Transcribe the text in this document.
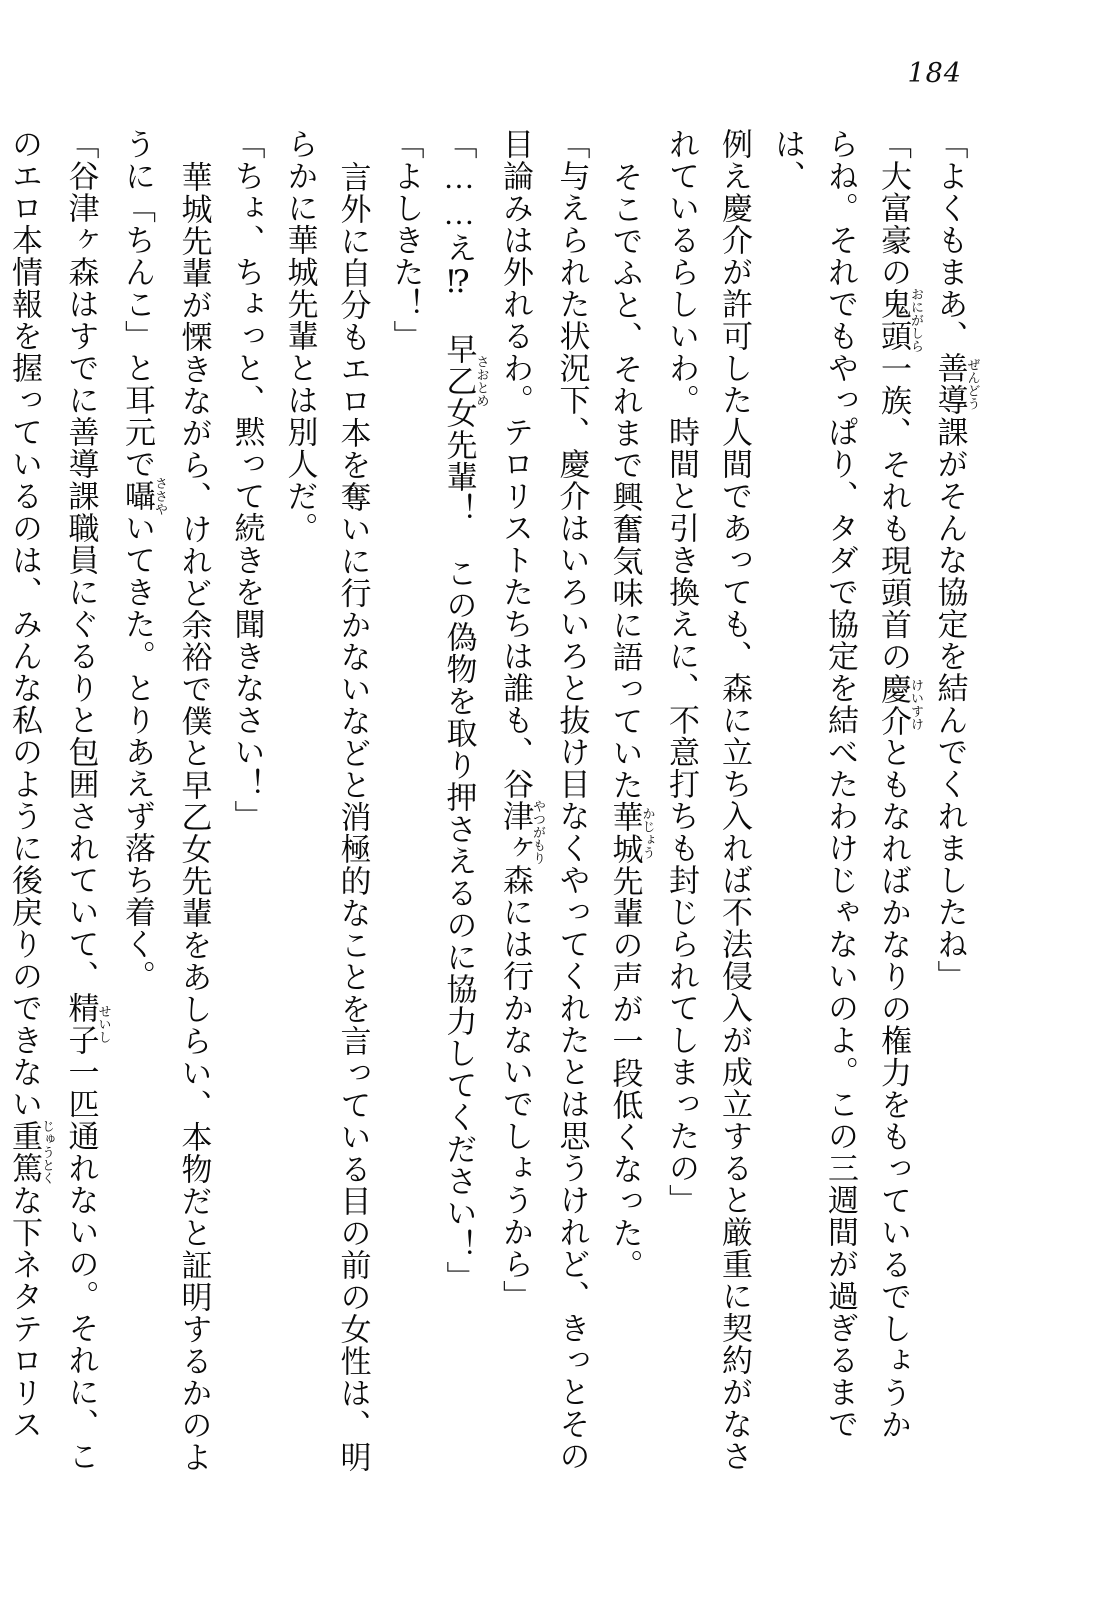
184
「よくもまあ、善導ぜんどう課がそんな協定を結んでくれましたね」
「大富豪の鬼頭おにがしら一族、それも現頭首の慶介けいすけともなればかなりの権力をもっているでしょうか
らね。それでもやっぱり、タダで協定を結べたわけじゃないのよ。この三週間が過ぎるまでは、
例え慶介が許可した人間であっても、森に立ち入れば不法侵入が成立すると厳重に契約がなさ
れているらしいわ。時間と引き換えに、不意打ちも封じられてしまったの」
そこでふと、それまで興奮気味に語っていた華城かじょう先輩の声が一段低くなった。
「与えられた状況下、慶介はいろいろと抜け目なくやってくれたとは思うけれど、きっとその
目論みは外れるわ。テロリストたちは誰も、谷津ヶ森やつがもりには行かないでしょうから」
「……え⁉　早乙女さおとめ先輩！　この偽物を取り押さえるのに協力してください！」
「よしきた！」
言外に自分もエロ本を奪いに行かないなどと消極的なことを言っている目の前の女性は、明
らかに華城先輩とは別人だ。
「ちょ、ちょっと、黙って続きを聞きなさい！」
華城先輩が慄きながら、けれど余裕で僕と早乙女先輩をあしらい、本物だと証明するかのよ
うに「ちんこ」と耳元で囁ささやいてきた。とりあえず落ち着く。
「谷津ヶ森はすでに善導課職員にぐるりと包囲されていて、精子せいし一匹通れないの。それに、こ
のエロ本情報を握っているのは、みんな私のように後戻りのできない重篤じゅうとくな下ネタテロリス
